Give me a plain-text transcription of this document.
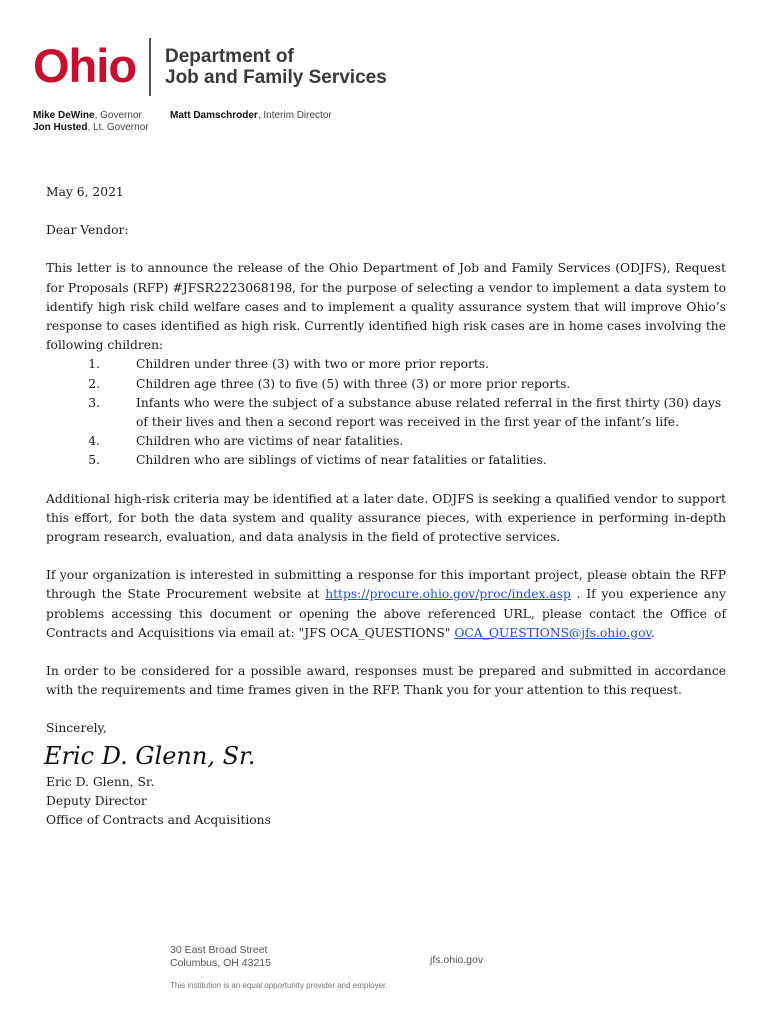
Ohio Department of
Job and Family Services
Mike DeWine, Governor
Jon Husted, Lt. Governor
Matt Damschroder, Interim Director

May 6, 2021

Dear Vendor:

This letter is to announce the release of the Ohio Department of Job and Family Services (ODJFS), Request for Proposals (RFP) #JFSR2223068198, for the purpose of selecting a vendor to implement a data system to identify high risk child welfare cases and to implement a quality assurance system that will improve Ohio’s response to cases identified as high risk. Currently identified high risk cases are in home cases involving the following children:

1.	Children under three (3) with two or more prior reports.
2.	Children age three (3) to five (5) with three (3) or more prior reports.
3.	Infants who were the subject of a substance abuse related referral in the first thirty (30) days of their lives and then a second report was received in the first year of the infant’s life.
4.	Children who are victims of near fatalities.
5.	Children who are siblings of victims of near fatalities or fatalities.

Additional high-risk criteria may be identified at a later date. ODJFS is seeking a qualified vendor to support this effort, for both the data system and quality assurance pieces, with experience in performing in-depth program research, evaluation, and data analysis in the field of protective services.

If your organization is interested in submitting a response for this important project, please obtain the RFP through the State Procurement website at https://procure.ohio.gov/proc/index.asp . If you experience any problems accessing this document or opening the above referenced URL, please contact the Office of Contracts and Acquisitions via email at: "JFS OCA_QUESTIONS" OCA_QUESTIONS@jfs.ohio.gov.

In order to be considered for a possible award, responses must be prepared and submitted in accordance with the requirements and time frames given in the RFP. Thank you for your attention to this request.

Sincerely,

Eric D. Glenn, Sr.

Eric D. Glenn, Sr.

Deputy Director

Office of Contracts and Acquisitions

30 East Broad Street
Columbus, OH 43215	jfs.ohio.gov
This institution is an equal opportunity provider and employer.
